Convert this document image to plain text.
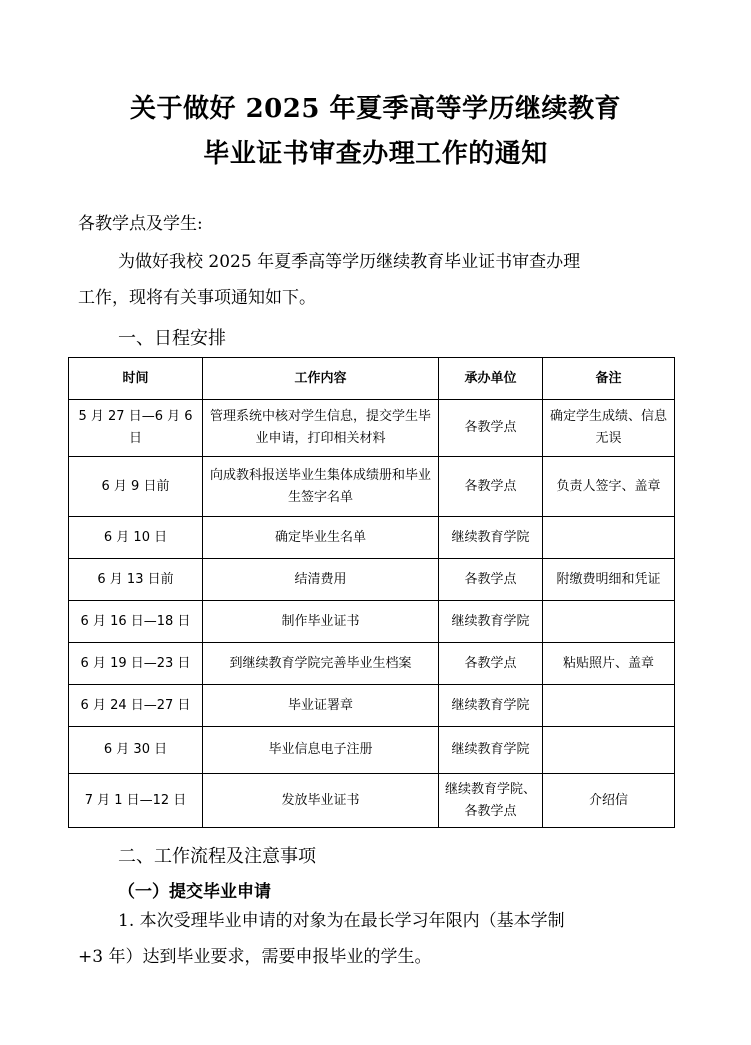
关于做好 2025 年夏季高等学历继续教育
毕业证书审查办理工作的通知
各教学点及学生:
为做好我校 2025 年夏季高等学历继续教育毕业证书审查办理
工作，现将有关事项通知如下。
一、日程安排
时间	工作内容	承办单位	备注
5 月 27 日—6 月 6 日	管理系统中核对学生信息，提交学生毕业申请，打印相关材料	各教学点	确定学生成绩、信息无误
6 月 9 日前	向成教科报送毕业生集体成绩册和毕业生签字名单	各教学点	负责人签字、盖章
6 月 10 日	确定毕业生名单	继续教育学院	
6 月 13 日前	结清费用	各教学点	附缴费明细和凭证
6 月 16 日—18 日	制作毕业证书	继续教育学院	
6 月 19 日—23 日	到继续教育学院完善毕业生档案	各教学点	粘贴照片、盖章
6 月 24 日—27 日	毕业证署章	继续教育学院	
6 月 30 日	毕业信息电子注册	继续教育学院	
7 月 1 日—12 日	发放毕业证书	继续教育学院、各教学点	介绍信
二、工作流程及注意事项
（一）提交毕业申请
1. 本次受理毕业申请的对象为在最长学习年限内（基本学制
+3 年）达到毕业要求，需要申报毕业的学生。
